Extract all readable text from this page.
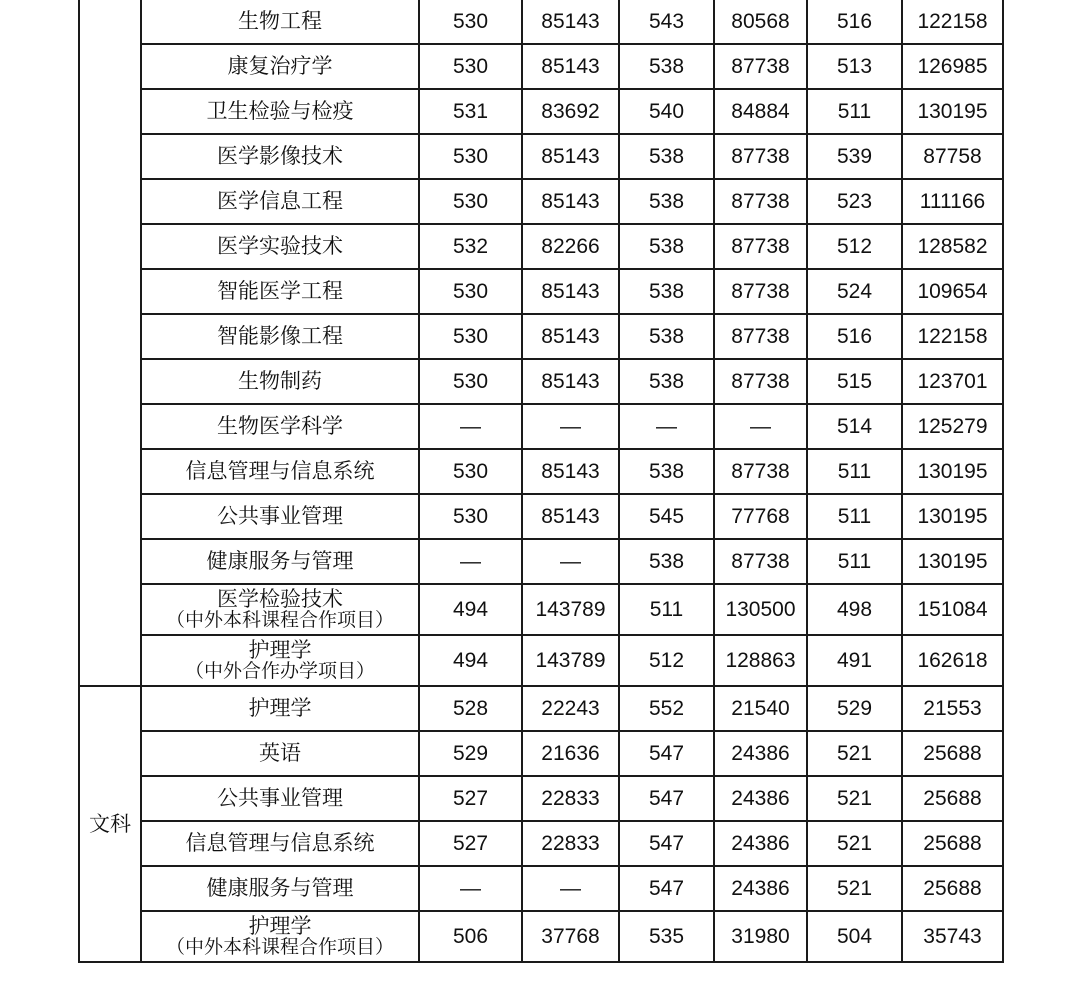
	生物工程	530	85143	543	80568	516	122158

	康复治疗学	530	85143	538	87738	513	126985

	卫生检验与检疫	531	83692	540	84884	511	130195

	医学影像技术	530	85143	538	87738	539	87758

	医学信息工程	530	85143	538	87738	523	111166

	医学实验技术	532	82266	538	87738	512	128582

	智能医学工程	530	85143	538	87738	524	109654

	智能影像工程	530	85143	538	87738	516	122158

	生物制药	530	85143	538	87738	515	123701

	生物医学科学	—	—	—	—	514	125279

	信息管理与信息系统	530	85143	538	87738	511	130195

	公共事业管理	530	85143	545	77768	511	130195

	健康服务与管理	—	—	538	87738	511	130195

	医学检验技术
（中外本科课程合作项目）	494	143789	511	130500	498	151084

	护理学
（中外合作办学项目）	494	143789	512	128863	491	162618
文科	护理学	528	22243	552	21540	529	21553

	英语	529	21636	547	24386	521	25688

	公共事业管理	527	22833	547	24386	521	25688

	信息管理与信息系统	527	22833	547	24386	521	25688

	健康服务与管理	—	—	547	24386	521	25688

	护理学
（中外本科课程合作项目）	506	37768	535	31980	504	35743
